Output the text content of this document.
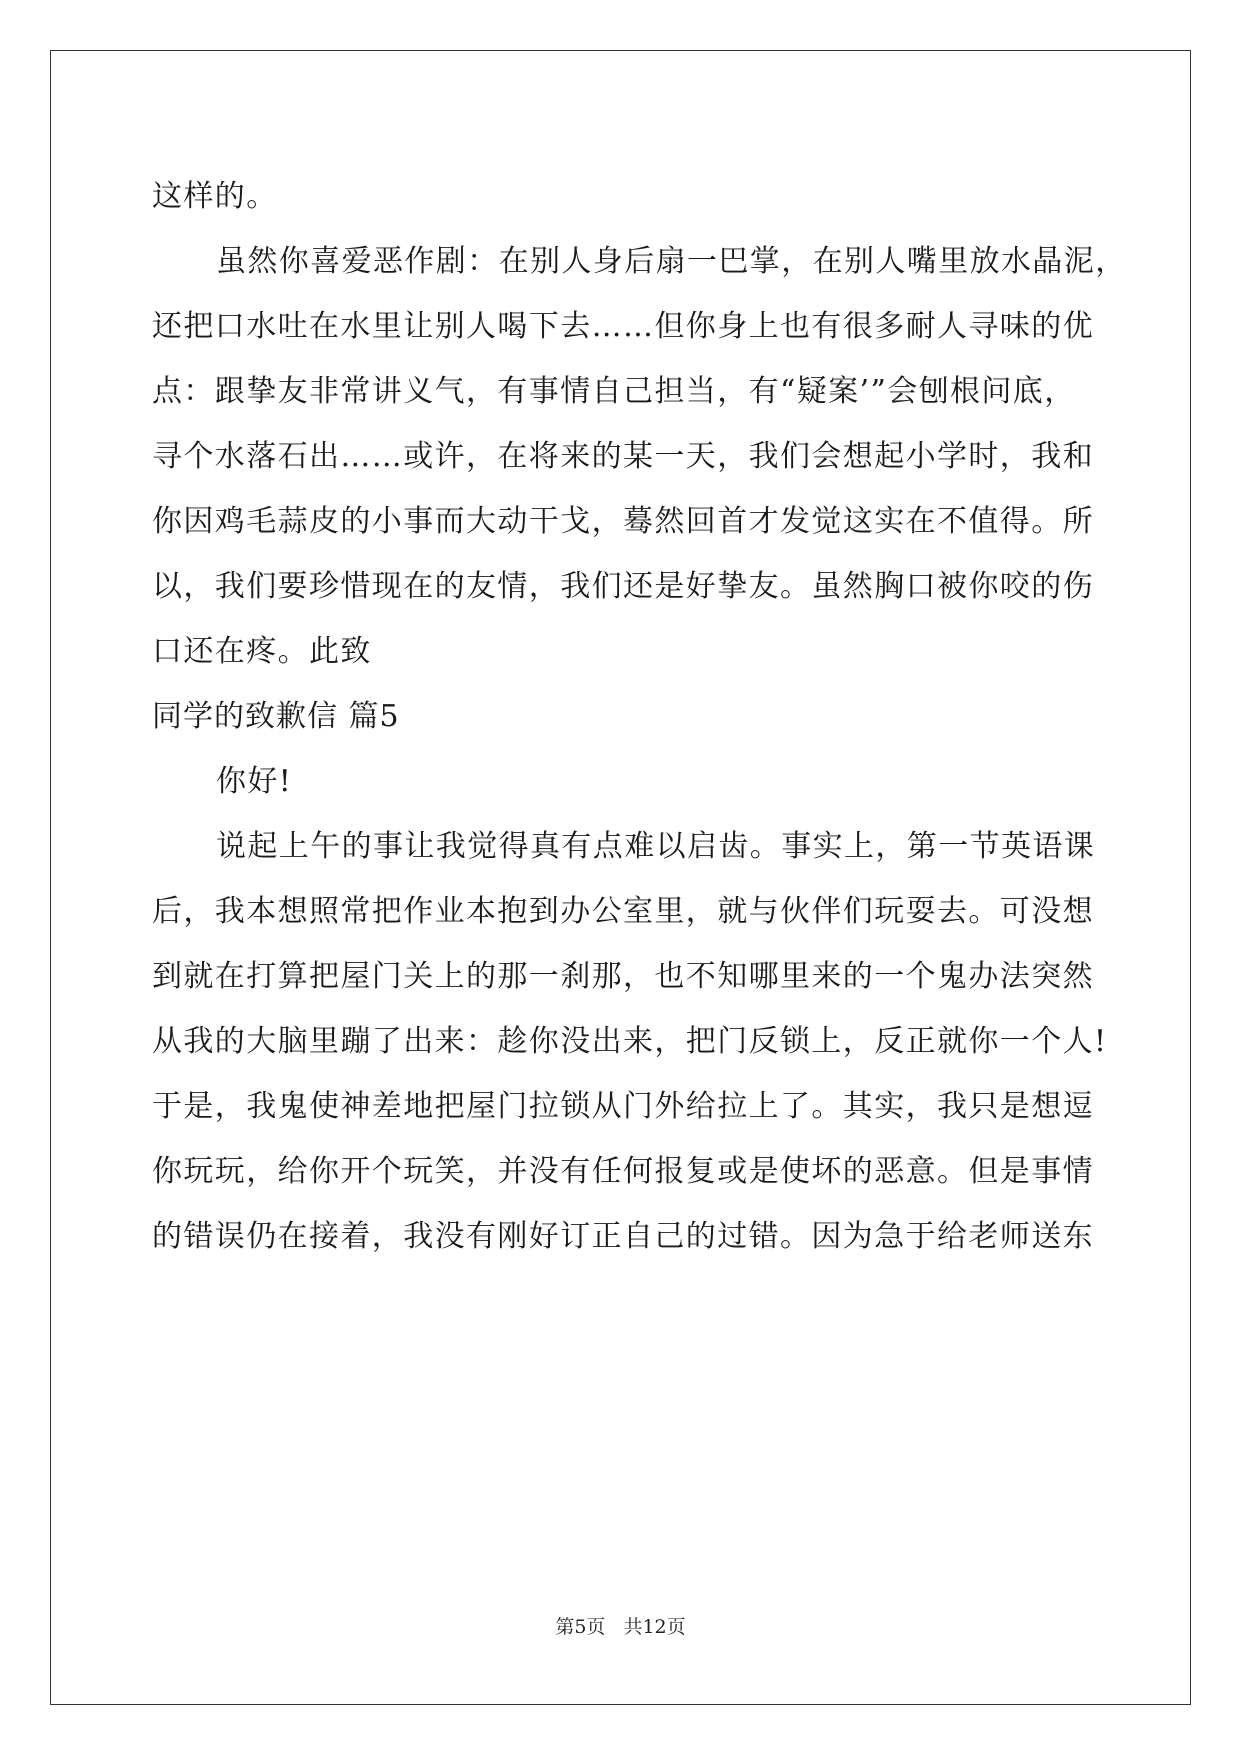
这样的。
虽然你喜爱恶作剧：在别人身后扇一巴掌，在别人嘴里放水晶泥，
还把口水吐在水里让别人喝下去……但你身上也有很多耐人寻味的优
点：跟挚友非常讲义气，有事情自己担当，有“疑案’”会刨根问底，
寻个水落石出……或许，在将来的某一天，我们会想起小学时，我和
你因鸡毛蒜皮的小事而大动干戈，蓦然回首才发觉这实在不值得。所
以，我们要珍惜现在的友情，我们还是好挚友。虽然胸口被你咬的伤
口还在疼。此致
同学的致歉信 篇5
你好!
说起上午的事让我觉得真有点难以启齿。事实上，第一节英语课
后，我本想照常把作业本抱到办公室里，就与伙伴们玩耍去。可没想
到就在打算把屋门关上的那一刹那，也不知哪里来的一个鬼办法突然
从我的大脑里蹦了出来：趁你没出来，把门反锁上，反正就你一个人!
于是，我鬼使神差地把屋门拉锁从门外给拉上了。其实，我只是想逗
你玩玩，给你开个玩笑，并没有任何报复或是使坏的恶意。但是事情
的错误仍在接着，我没有刚好订正自己的过错。因为急于给老师送东
第5页 共12页
